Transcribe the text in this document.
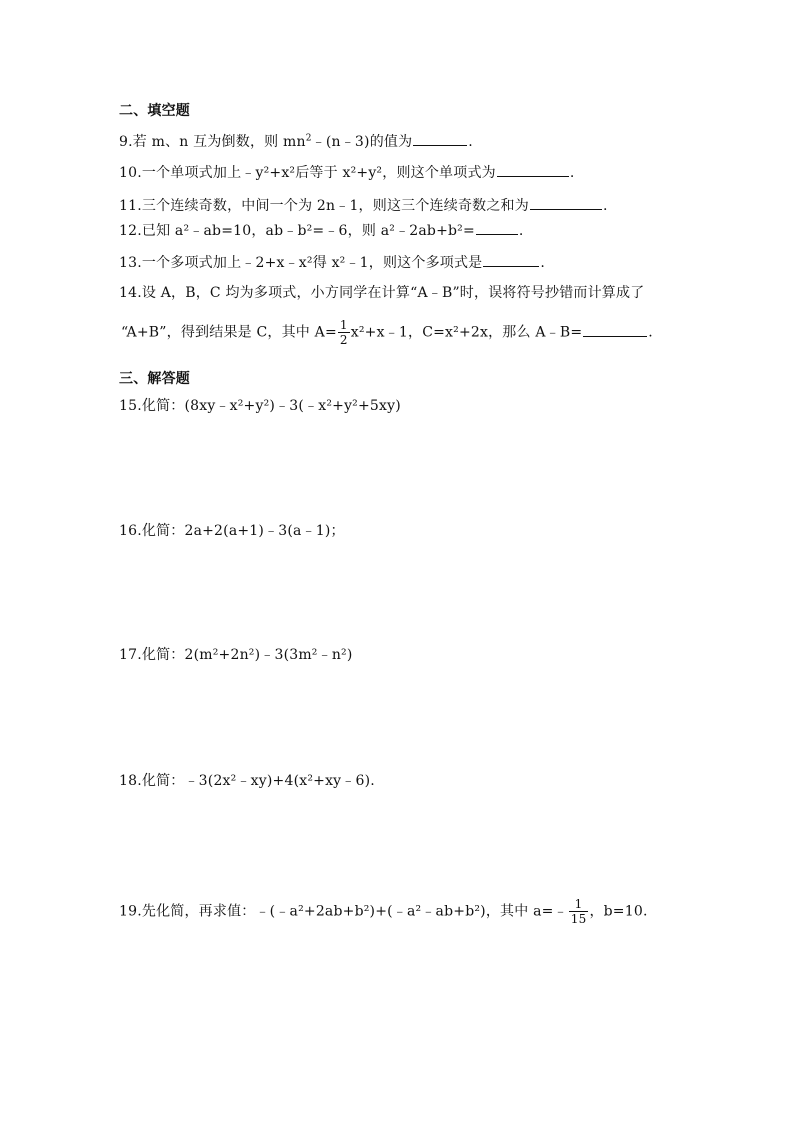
二、填空题
9.若 m、n 互为倒数，则 $mn^2﹣(n﹣3)$的值为	.
10.一个单项式加上﹣y²+x²后等于 x²+y²，则这个单项式为	.
11.三个连续奇数，中间一个为 2n﹣1，则这三个连续奇数之和为	.
12.已知 a²﹣ab=10，ab﹣b²=﹣6，则 a²﹣2ab+b²=	.
13.一个多项式加上﹣2+x﹣x²得 x²﹣1，则这个多项式是	.
14.设 A，B，C 均为多项式，小方同学在计算“A﹣B”时，误将符号抄错而计算成了
“A+B”，得到结果是 C，其中 $A= \frac{1}{2}$ x²+x﹣1，C=x²+2x，那么 A﹣B=	.
三、解答题
15.化简：(8xy﹣x²+y²)﹣3(﹣x²+y²+5xy)
16.化简：2a+2(a+1)﹣3(a﹣1)；
17.化简：2(m²+2n²)﹣3(3m²﹣n²)
18.化简：﹣3(2x²﹣xy)+4(x²+xy﹣6).
19.先化简，再求值：﹣(﹣a²+2ab+b²)+(﹣a²﹣ab+b²)，其中 a=﹣ $\frac{1}{15}$ ，b=10.
